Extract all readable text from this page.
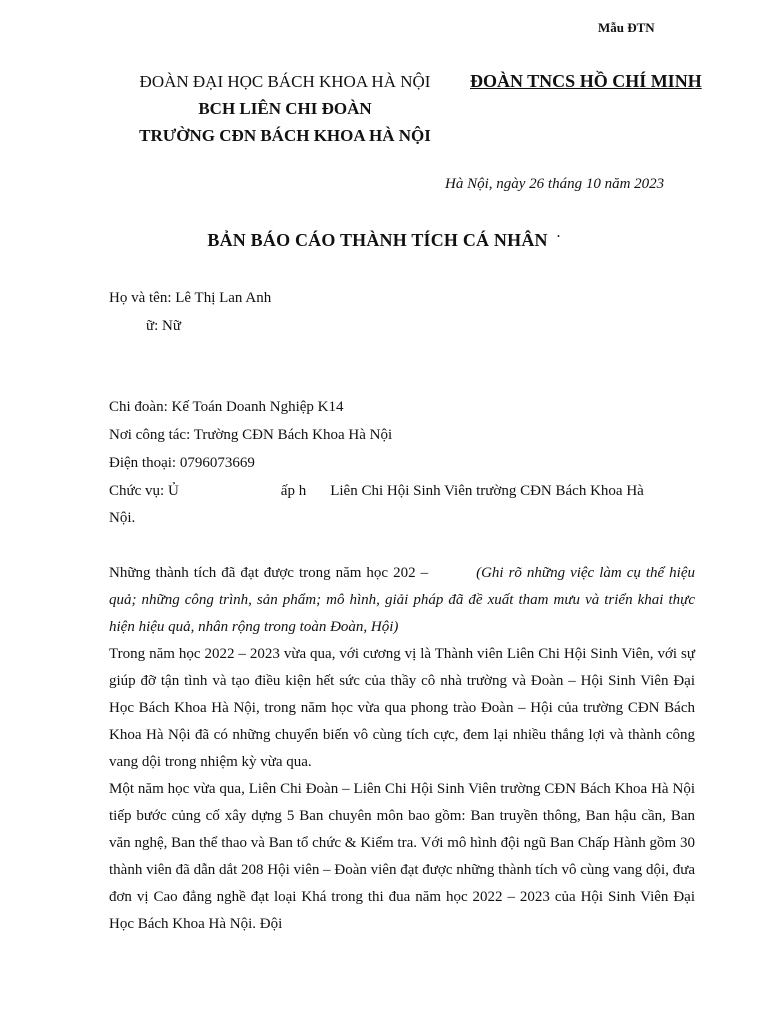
Mẫu ĐTN
ĐOÀN ĐẠI HỌC BÁCH KHOA HÀ NỘI
BCH LIÊN CHI ĐOÀN
TRƯỜNG CĐN BÁCH KHOA HÀ NỘI
ĐOÀN TNCS HỒ CHÍ MINH
Hà Nội, ngày 26 tháng 10 năm 2023
BẢN BÁO CÁO THÀNH TÍCH CÁ NHÂN ·
Họ và tên: Lê Thị Lan Anh
ữ: Nữ
Chi đoàn: Kế Toán Doanh Nghiệp K14
Nơi công tác: Trường CĐN Bách Khoa Hà Nội
Điện thoại: 0796073669
Chức vụ: Ủ	ấp h Liên Chi Hội Sinh Viên trường CĐN Bách Khoa Hà
Nội.
Những thành tích đã đạt được trong năm học 202 –	(Ghi rõ những việc làm cụ thể hiệu quả; những công trình, sản phẩm; mô hình, giải pháp đã đề xuất tham mưu và triển khai thực hiện hiệu quả, nhân rộng trong toàn Đoàn, Hội)
Trong năm học 2022 – 2023 vừa qua, với cương vị là Thành viên Liên Chi Hội Sinh Viên, với sự giúp đỡ tận tình và tạo điều kiện hết sức của thầy cô nhà trường và Đoàn – Hội Sinh Viên Đại Học Bách Khoa Hà Nội, trong năm học vừa qua phong trào Đoàn – Hội của trường CĐN Bách Khoa Hà Nội đã có những chuyển biến vô cùng tích cực, đem lại nhiều thắng lợi và thành công vang dội trong nhiệm kỳ vừa qua.
Một năm học vừa qua, Liên Chi Đoàn – Liên Chi Hội Sinh Viên trường CĐN Bách Khoa Hà Nội tiếp bước củng cố xây dựng 5 Ban chuyên môn bao gồm: Ban truyền thông, Ban hậu cần, Ban văn nghệ, Ban thể thao và Ban tổ chức & Kiểm tra. Với mô hình đội ngũ Ban Chấp Hành gồm 30 thành viên đã dẫn dắt 208 Hội viên – Đoàn viên đạt được những thành tích vô cùng vang dội, đưa đơn vị Cao đẳng nghề đạt loại Khá trong thi đua năm học 2022 – 2023 của Hội Sinh Viên Đại Học Bách Khoa Hà Nội. Đội
